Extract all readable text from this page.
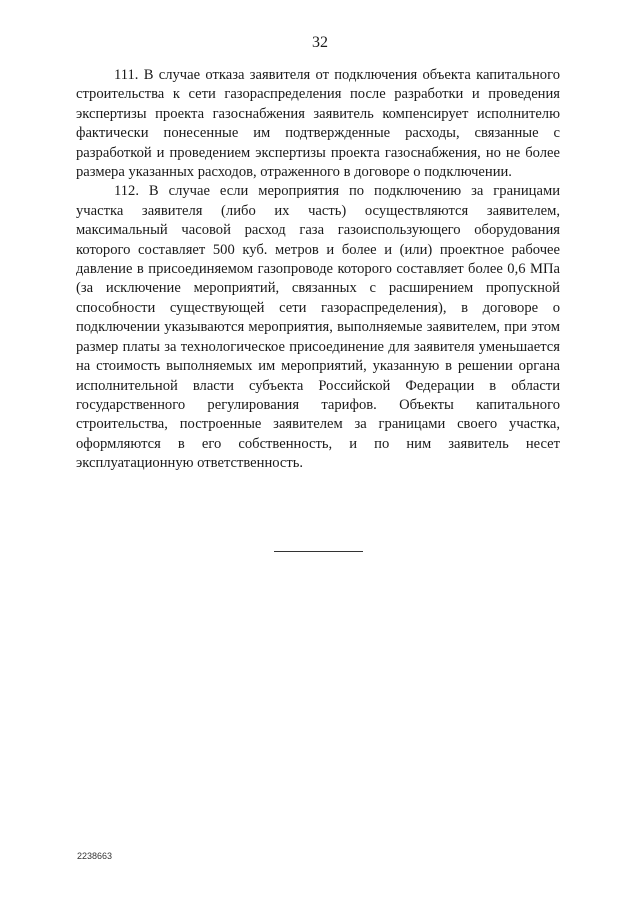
32

111. В случае отказа заявителя от подключения объекта капитального строительства к сети газораспределения после разработки и проведения экспертизы проекта газоснабжения заявитель компенсирует исполнителю фактически понесенные им подтвержденные расходы, связанные с разработкой и проведением экспертизы проекта газоснабжения, но не более размера указанных расходов, отраженного в договоре о подключении.

112. В случае если мероприятия по подключению за границами участка заявителя (либо их часть) осуществляются заявителем, максимальный часовой расход газа газоиспользующего оборудования которого составляет 500 куб. метров и более и (или) проектное рабочее давление в присоединяемом газопроводе которого составляет более 0,6 МПа (за исключение мероприятий, связанных с расширением пропускной способности существующей сети газораспределения), в договоре о подключении указываются мероприятия, выполняемые заявителем, при этом размер платы за технологическое присоединение для заявителя уменьшается на стоимость выполняемых им мероприятий, указанную в решении органа исполнительной власти субъекта Российской Федерации в области государственного регулирования тарифов. Объекты капитального строительства, построенные заявителем за границами своего участка, оформляются в его собственность, и по ним заявитель несет эксплуатационную ответственность.

2238663
